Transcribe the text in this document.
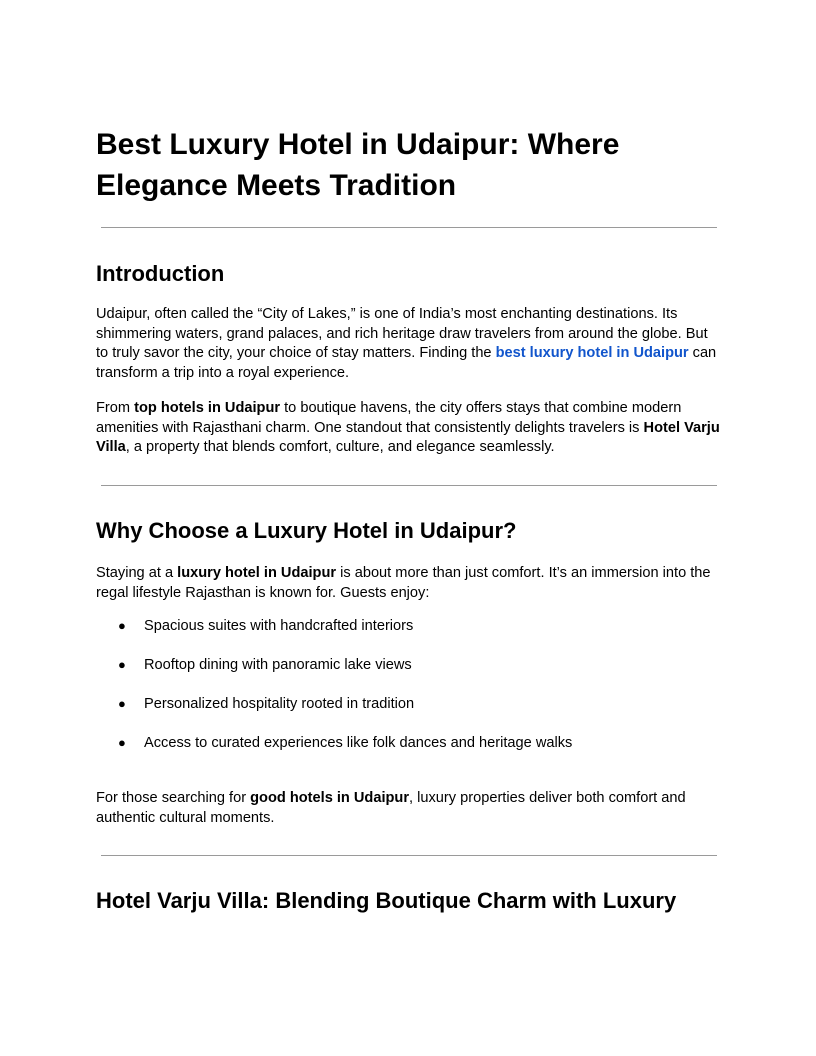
Best Luxury Hotel in Udaipur: Where Elegance Meets Tradition
Introduction

Udaipur, often called the “City of Lakes,” is one of India’s most enchanting destinations. Its shimmering waters, grand palaces, and rich heritage draw travelers from around the globe. But to truly savor the city, your choice of stay matters. Finding the best luxury hotel in Udaipur can transform a trip into a royal experience.

From top hotels in Udaipur to boutique havens, the city offers stays that combine modern amenities with Rajasthani charm. One standout that consistently delights travelers is Hotel Varju Villa, a property that blends comfort, culture, and elegance seamlessly.

Why Choose a Luxury Hotel in Udaipur?

Staying at a luxury hotel in Udaipur is about more than just comfort. It’s an immersion into the regal lifestyle Rajasthan is known for. Guests enjoy:

● Spacious suites with handcrafted interiors
● Rooftop dining with panoramic lake views
● Personalized hospitality rooted in tradition
● Access to curated experiences like folk dances and heritage walks

For those searching for good hotels in Udaipur, luxury properties deliver both comfort and authentic cultural moments.

Hotel Varju Villa: Blending Boutique Charm with Luxury
